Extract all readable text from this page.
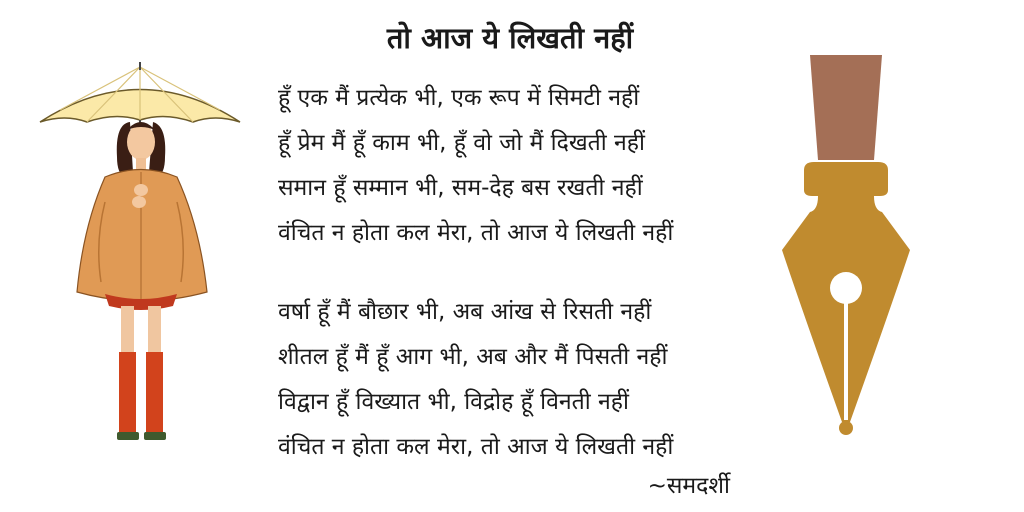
तो आज ये लिखती नहीं
हूँ एक मैं प्रत्येक भी, एक रूप में सिमटी नहीं
हूँ प्रेम मैं हूँ काम भी, हूँ वो जो मैं दिखती नहीं
समान हूँ सम्मान भी, सम-देह बस रखती नहीं
वंचित न होता कल मेरा, तो आज ये लिखती नहीं
वर्षा हूँ मैं बौछार भी, अब आंख से रिसती नहीं
शीतल हूँ मैं हूँ आग भी, अब और मैं पिसती नहीं
विद्वान हूँ विख्यात भी, विद्रोह हूँ विनती नहीं
वंचित न होता कल मेरा, तो आज ये लिखती नहीं
~समदर्शी
